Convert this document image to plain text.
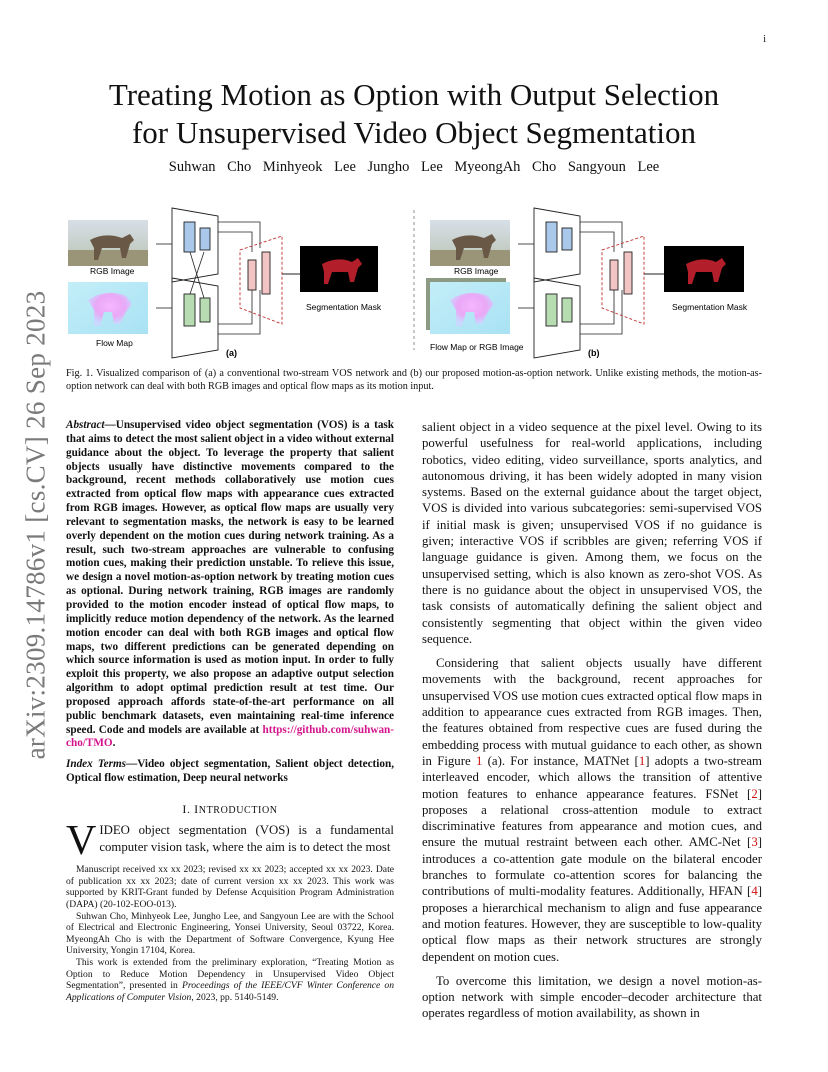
i
arXiv:2309.14786v1 [cs.CV] 26 Sep 2023
Treating Motion as Option with Output Selection
for Unsupervised Video Object Segmentation
Suhwan Cho Minhyeok Lee Jungho Lee MyeongAh Cho Sangyoun Lee
RGB Image
Flow Map
Segmentation Mask
(a)
RGB Image
Flow Map or RGB Image
Segmentation Mask
(b)
Fig. 1. Visualized comparison of (a) a conventional two-stream VOS network and (b) our proposed motion-as-option network. Unlike existing methods, the motion-as-option network can deal with both RGB images and optical flow maps as its motion input.
Abstract—Unsupervised video object segmentation (VOS) is a task that aims to detect the most salient object in a video without external guidance about the object. To leverage the property that salient objects usually have distinctive movements compared to the background, recent methods collaboratively use motion cues extracted from optical flow maps with appearance cues extracted from RGB images. However, as optical flow maps are usually very relevant to segmentation masks, the network is easy to be learned overly dependent on the motion cues during network training. As a result, such two-stream approaches are vulnerable to confusing motion cues, making their prediction unstable. To relieve this issue, we design a novel motion-as-option network by treating motion cues as optional. During network training, RGB images are randomly provided to the motion encoder instead of optical flow maps, to implicitly reduce motion dependency of the network. As the learned motion encoder can deal with both RGB images and optical flow maps, two different predictions can be generated depending on which source information is used as motion input. In order to fully exploit this property, we also propose an adaptive output selection algorithm to adopt optimal prediction result at test time. Our proposed approach affords state-of-the-art performance on all public benchmark datasets, even maintaining real-time inference speed. Code and models are available at https://github.com/suhwan-cho/TMO.
Index Terms—Video object segmentation, Salient object detection, Optical flow estimation, Deep neural networks
I. INTRODUCTION
VIDEO object segmentation (VOS) is a fundamental computer vision task, where the aim is to detect the most
Manuscript received xx xx 2023; revised xx xx 2023; accepted xx xx 2023. Date of publication xx xx 2023; date of current version xx xx 2023. This work was supported by KRIT-Grant funded by Defense Acquisition Program Administration (DAPA) (20-102-EOO-013).
Suhwan Cho, Minhyeok Lee, Jungho Lee, and Sangyoun Lee are with the School of Electrical and Electronic Engineering, Yonsei University, Seoul 03722, Korea. MyeongAh Cho is with the Department of Software Convergence, Kyung Hee University, Yongin 17104, Korea.
This work is extended from the preliminary exploration, “Treating Motion as Option to Reduce Motion Dependency in Unsupervised Video Object Segmentation”, presented in Proceedings of the IEEE/CVF Winter Conference on Applications of Computer Vision, 2023, pp. 5140-5149.
salient object in a video sequence at the pixel level. Owing to its powerful usefulness for real-world applications, including robotics, video editing, video surveillance, sports analytics, and autonomous driving, it has been widely adopted in many vision systems. Based on the external guidance about the target object, VOS is divided into various subcategories: semi-supervised VOS if initial mask is given; unsupervised VOS if no guidance is given; interactive VOS if scribbles are given; referring VOS if language guidance is given. Among them, we focus on the unsupervised setting, which is also known as zero-shot VOS. As there is no guidance about the object in unsupervised VOS, the task consists of automatically defining the salient object and consistently segmenting that object within the given video sequence.
Considering that salient objects usually have different movements with the background, recent approaches for unsupervised VOS use motion cues extracted optical flow maps in addition to appearance cues extracted from RGB images. Then, the features obtained from respective cues are fused during the embedding process with mutual guidance to each other, as shown in Figure 1 (a). For instance, MATNet [1] adopts a two-stream interleaved encoder, which allows the transition of attentive motion features to enhance appearance features. FSNet [2] proposes a relational cross-attention module to extract discriminative features from appearance and motion cues, and ensure the mutual restraint between each other. AMC-Net [3] introduces a co-attention gate module on the bilateral encoder branches to formulate co-attention scores for balancing the contributions of multi-modality features. Additionally, HFAN [4] proposes a hierarchical mechanism to align and fuse appearance and motion features. However, they are susceptible to low-quality optical flow maps as their network structures are strongly dependent on motion cues.
To overcome this limitation, we design a novel motion-as-option network with simple encoder–decoder architecture that operates regardless of motion availability, as shown in
